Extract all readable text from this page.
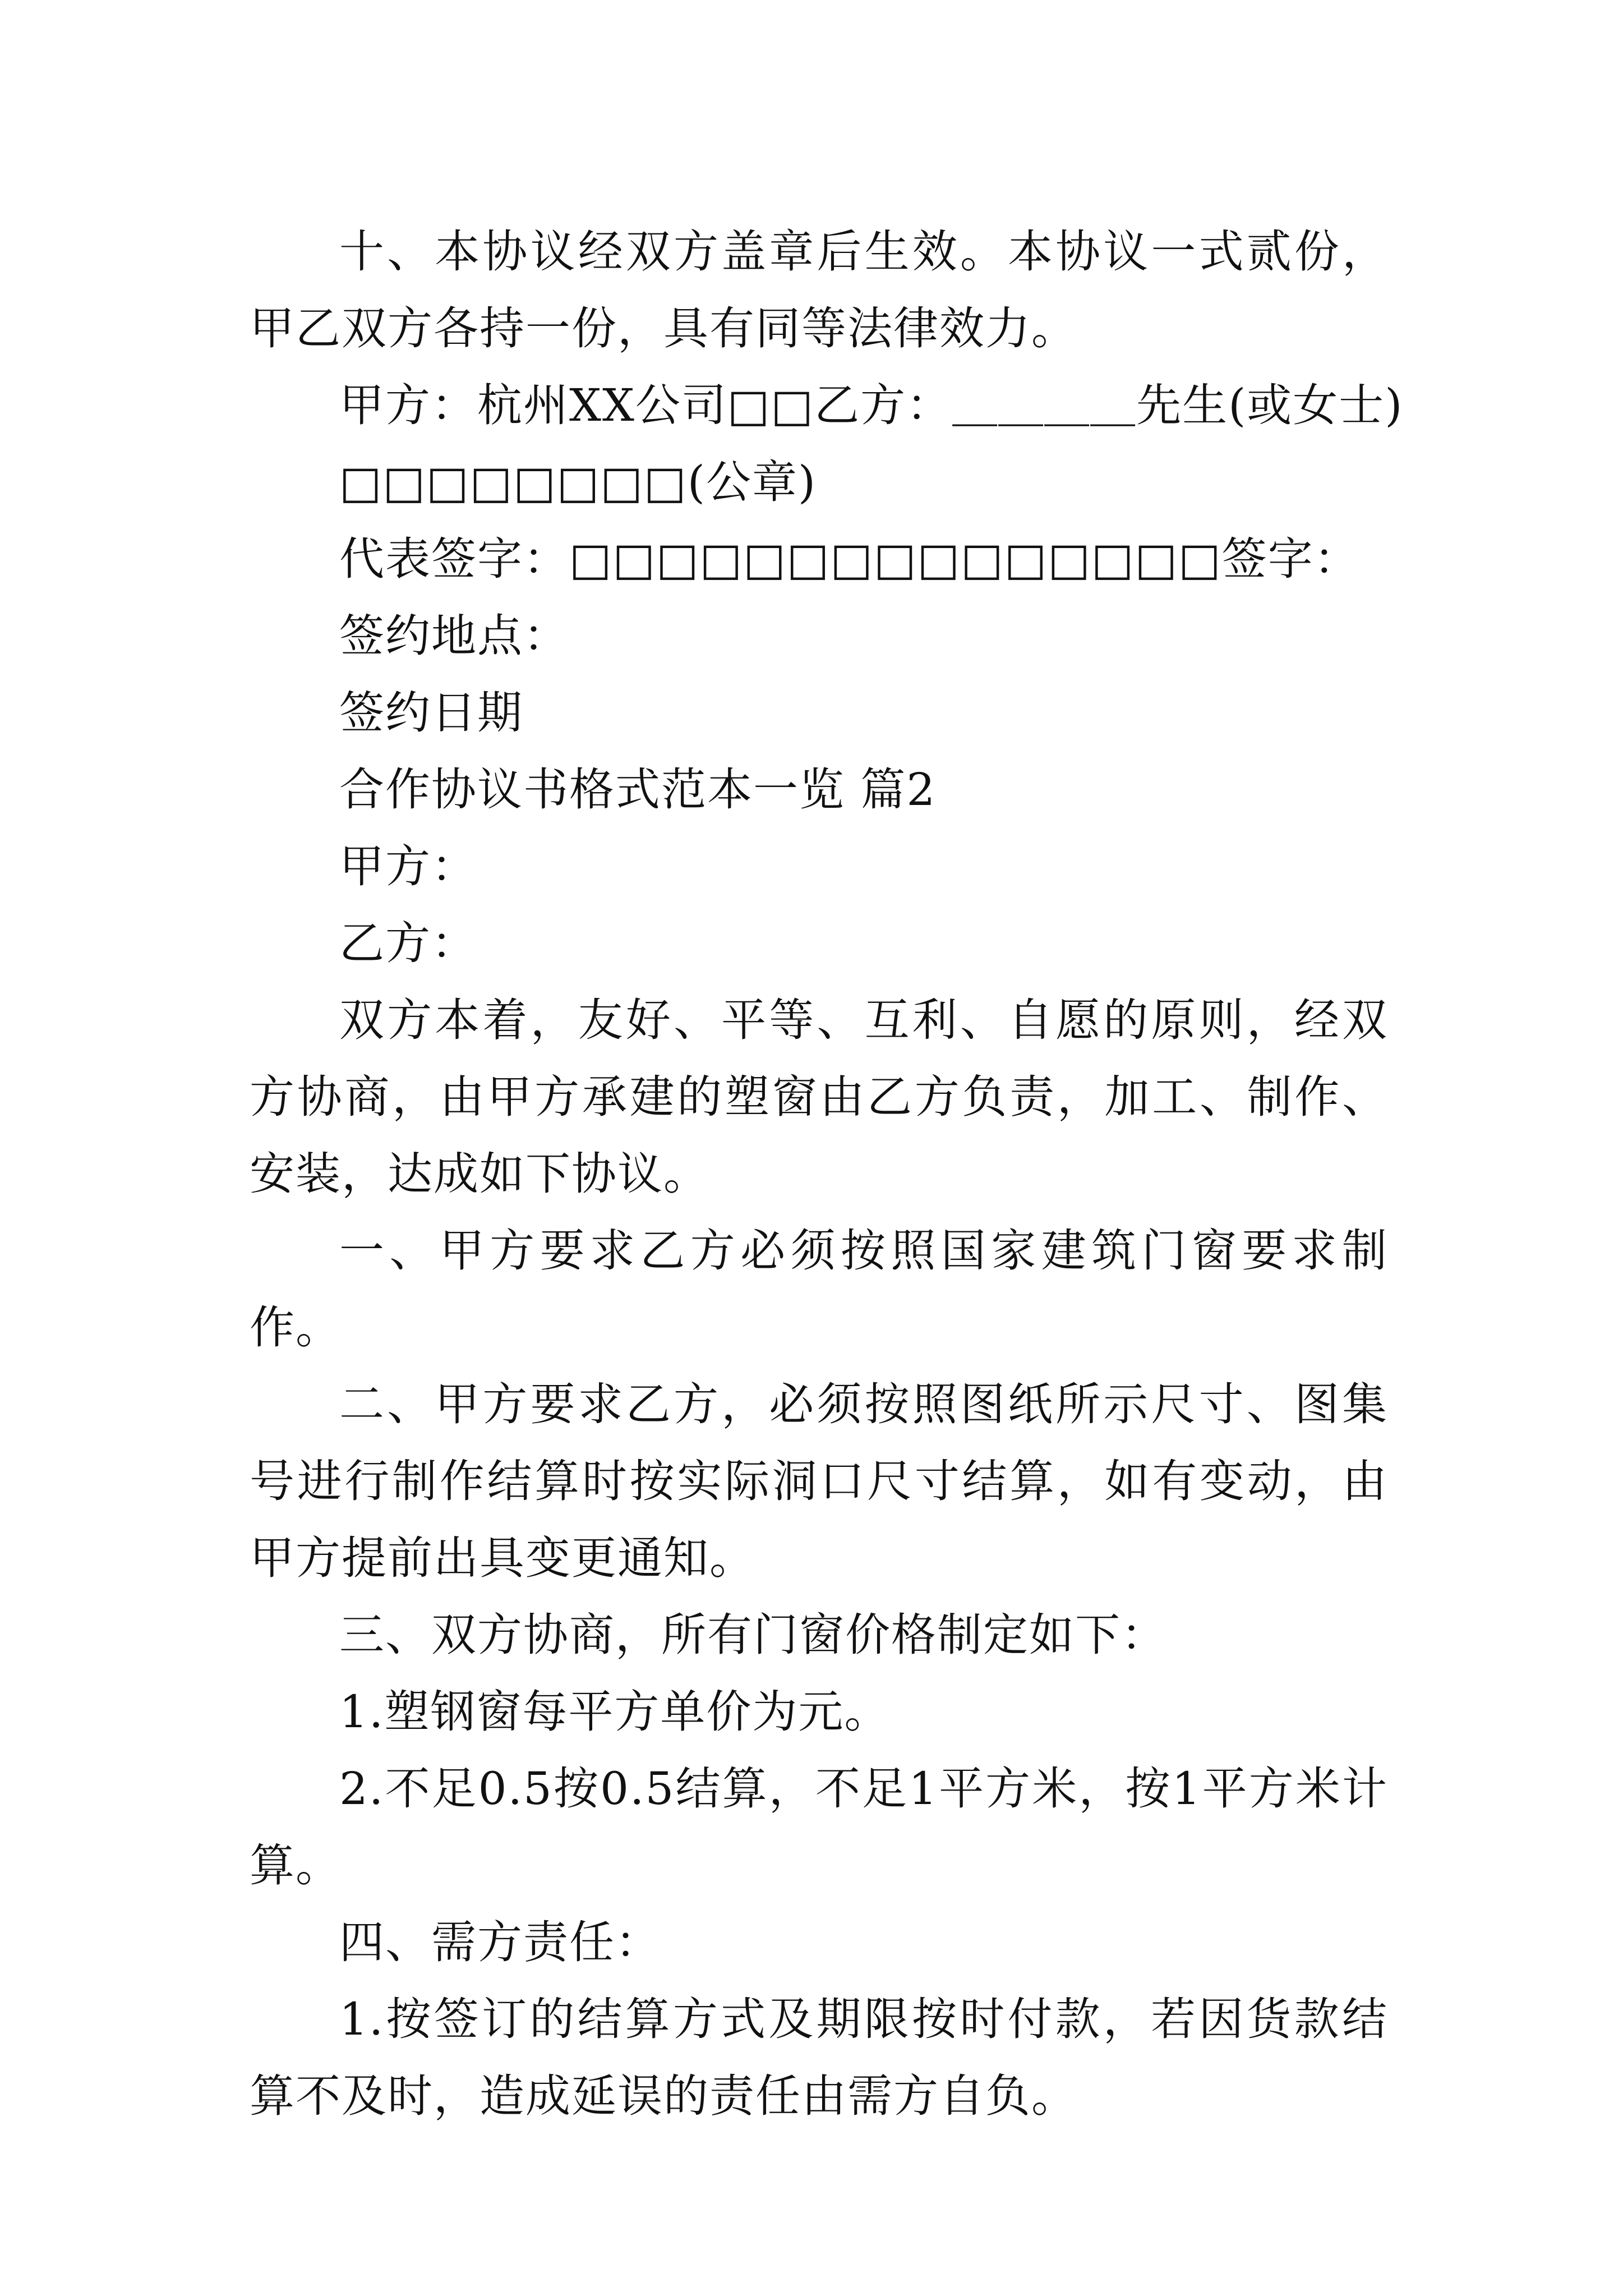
十、本协议经双方盖章后生效。本协议一式贰份，甲乙双方各持一份，具有同等法律效力。

甲方：杭州XX公司□□乙方：＿＿＿＿先生(或女士)

□□□□□□□□(公章)

代表签字：□□□□□□□□□□□□□□□签字：

签约地点：

签约日期

合作协议书格式范本一览 篇2

甲方：

乙方：

双方本着，友好、平等、互利、自愿的原则，经双方协商，由甲方承建的塑窗由乙方负责，加工、制作、安装，达成如下协议。

一、甲方要求乙方必须按照国家建筑门窗要求制作。

二、甲方要求乙方，必须按照图纸所示尺寸、图集号进行制作结算时按实际洞口尺寸结算，如有变动，由甲方提前出具变更通知。

三、双方协商，所有门窗价格制定如下：

1.塑钢窗每平方单价为元。

2.不足0.5按0.5结算，不足1平方米，按1平方米计算。

四、需方责任：

1.按签订的结算方式及期限按时付款，若因货款结算不及时，造成延误的责任由需方自负。
